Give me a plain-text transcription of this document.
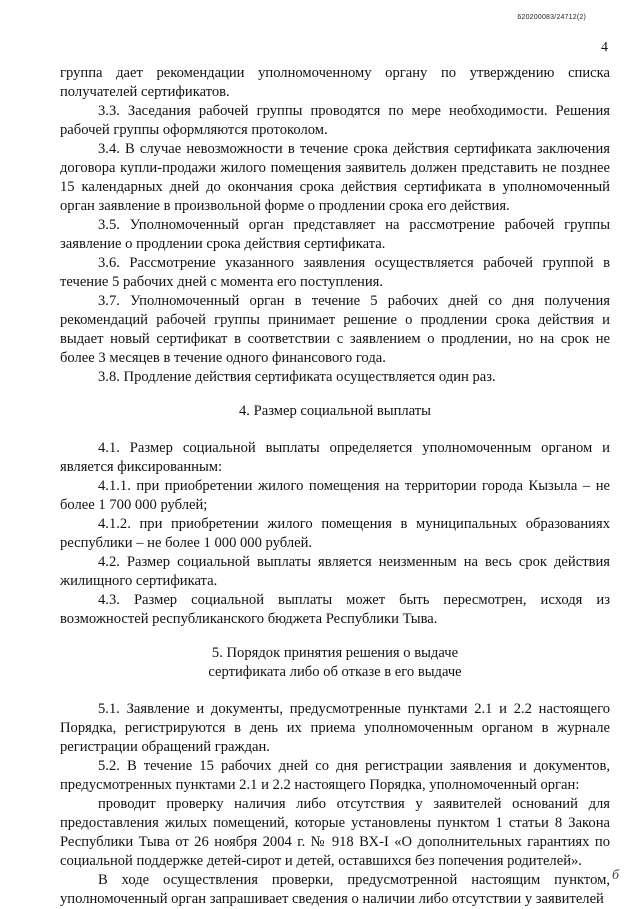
620200083/24712(2)
4

группа дает рекомендации уполномоченному органу по утверждению списка получателей сертификатов.

3.3. Заседания рабочей группы проводятся по мере необходимости. Решения рабочей группы оформляются протоколом.

3.4. В случае невозможности в течение срока действия сертификата заключения договора купли-продажи жилого помещения заявитель должен представить не позднее 15 календарных дней до окончания срока действия сертификата в уполномоченный орган заявление в произвольной форме о продлении срока его действия.

3.5. Уполномоченный орган представляет на рассмотрение рабочей группы заявление о продлении срока действия сертификата.

3.6. Рассмотрение указанного заявления осуществляется рабочей группой в течение 5 рабочих дней с момента его поступления.

3.7. Уполномоченный орган в течение 5 рабочих дней со дня получения рекомендаций рабочей группы принимает решение о продлении срока действия и выдает новый сертификат в соответствии с заявлением о продлении, но на срок не более 3 месяцев в течение одного финансового года.

3.8. Продление действия сертификата осуществляется один раз.

4. Размер социальной выплаты

4.1. Размер социальной выплаты определяется уполномоченным органом и является фиксированным:

4.1.1. при приобретении жилого помещения на территории города Кызыла – не более 1 700 000 рублей;

4.1.2. при приобретении жилого помещения в муниципальных образованиях республики – не более 1 000 000 рублей.

4.2. Размер социальной выплаты является неизменным на весь срок действия жилищного сертификата.

4.3. Размер социальной выплаты может быть пересмотрен, исходя из возможностей республиканского бюджета Республики Тыва.

5. Порядок принятия решения о выдаче
сертификата либо об отказе в его выдаче

5.1. Заявление и документы, предусмотренные пунктами 2.1 и 2.2 настоящего Порядка, регистрируются в день их приема уполномоченным органом в журнале регистрации обращений граждан.

5.2. В течение 15 рабочих дней со дня регистрации заявления и документов, предусмотренных пунктами 2.1 и 2.2 настоящего Порядка, уполномоченный орган:

проводит проверку наличия либо отсутствия у заявителей оснований для предоставления жилых помещений, которые установлены пунктом 1 статьи 8 Закона Республики Тыва от 26 ноября 2004 г. № 918 ВХ-I «О дополнительных гарантиях по социальной поддержке детей-сирот и детей, оставшихся без попечения родителей».

В ходе осуществления проверки, предусмотренной настоящим пунктом, уполномоченный орган запрашивает сведения о наличии либо отсутствии у заявителей

б
